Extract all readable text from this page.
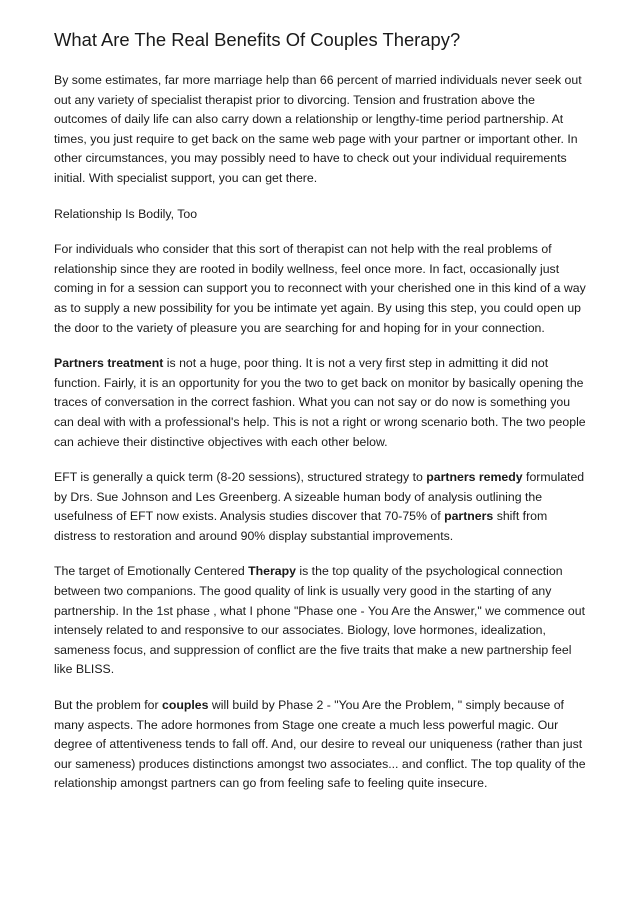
What Are The Real Benefits Of Couples Therapy?

By some estimates, far more marriage help than 66 percent of married individuals never seek out out any variety of specialist therapist prior to divorcing. Tension and frustration above the outcomes of daily life can also carry down a relationship or lengthy-time period partnership. At times, you just require to get back on the same web page with your partner or important other. In other circumstances, you may possibly need to have to check out your individual requirements initial. With specialist support, you can get there.

Relationship Is Bodily, Too

For individuals who consider that this sort of therapist can not help with the real problems of relationship since they are rooted in bodily wellness, feel once more. In fact, occasionally just coming in for a session can support you to reconnect with your cherished one in this kind of a way as to supply a new possibility for you be intimate yet again. By using this step, you could open up the door to the variety of pleasure you are searching for and hoping for in your connection.

Partners treatment is not a huge, poor thing. It is not a very first step in admitting it did not function. Fairly, it is an opportunity for you the two to get back on monitor by basically opening the traces of conversation in the correct fashion. What you can not say or do now is something you can deal with with a professional's help. This is not a right or wrong scenario both. The two people can achieve their distinctive objectives with each other below.

EFT is generally a quick term (8-20 sessions), structured strategy to partners remedy formulated by Drs. Sue Johnson and Les Greenberg. A sizeable human body of analysis outlining the usefulness of EFT now exists. Analysis studies discover that 70-75% of partners shift from distress to restoration and around 90% display substantial improvements.

The target of Emotionally Centered Therapy is the top quality of the psychological connection between two companions. The good quality of link is usually very good in the starting of any partnership. In the 1st phase , what I phone "Phase one - You Are the Answer," we commence out intensely related to and responsive to our associates. Biology, love hormones, idealization, sameness focus, and suppression of conflict are the five traits that make a new partnership feel like BLISS.

But the problem for couples will build by Phase 2 - "You Are the Problem, " simply because of many aspects. The adore hormones from Stage one create a much less powerful magic. Our degree of attentiveness tends to fall off. And, our desire to reveal our uniqueness (rather than just our sameness) produces distinctions amongst two associates... and conflict. The top quality of the relationship amongst partners can go from feeling safe to feeling quite insecure.
